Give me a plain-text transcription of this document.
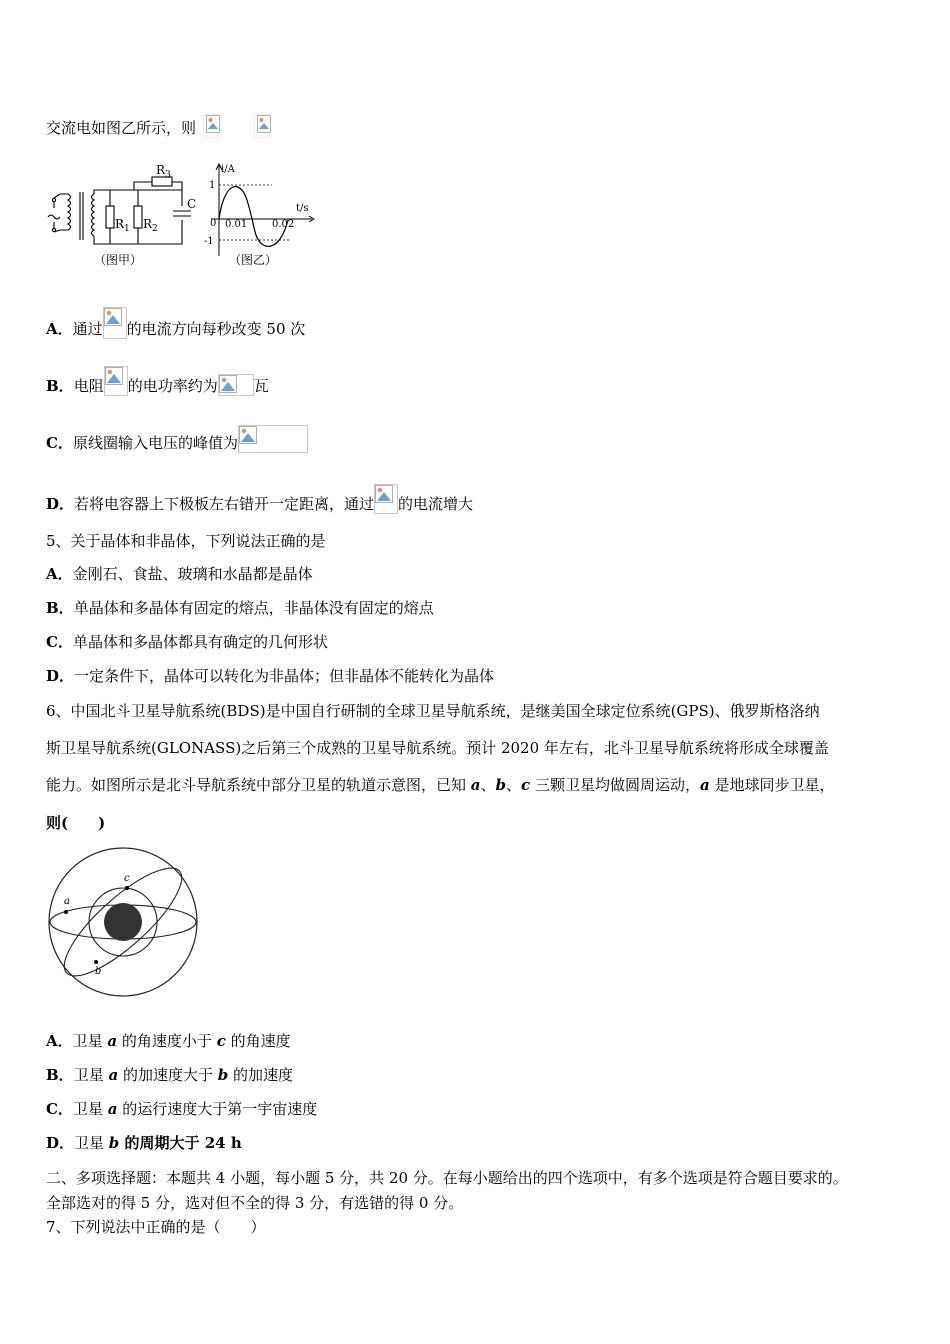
交流电如图乙所示，则

$R_3$
$R_1$ $R_2$
C
（图甲）
i/A
t/s
1
-1
0 0.01 0.02
（图乙）
A．通过 的电流方向每秒改变 50 次
B．电阻 的电功率约为 瓦
C．原线圈输入电压的峰值为
D．若将电容器上下极板左右错开一定距离，通过 的电流增大
5、关于晶体和非晶体，下列说法正确的是
A．金刚石、食盐、玻璃和水晶都是晶体
B．单晶体和多晶体有固定的熔点，非晶体没有固定的熔点
C．单晶体和多晶体都具有确定的几何形状
D．一定条件下，晶体可以转化为非晶体；但非晶体不能转化为晶体
6、中国北斗卫星导航系统(BDS)是中国自行研制的全球卫星导航系统，是继美国全球定位系统(GPS)、俄罗斯格洛纳
斯卫星导航系统(GLONASS)之后第三个成熟的卫星导航系统。预计 2020 年左右，北斗卫星导航系统将形成全球覆盖
能力。如图所示是北斗导航系统中部分卫星的轨道示意图，已知 a、b、c 三颗卫星均做圆周运动，a 是地球同步卫星，
则(　　)
a
c
b
A．卫星 a 的角速度小于 c 的角速度
B．卫星 a 的加速度大于 b 的加速度
C．卫星 a 的运行速度大于第一宇宙速度
D．卫星 b 的周期大于 24 h
二、多项选择题：本题共 4 小题，每小题 5 分，共 20 分。在每小题给出的四个选项中，有多个选项是符合题目要求的。
全部选对的得 5 分，选对但不全的得 3 分，有选错的得 0 分。
7、下列说法中正确的是（　　）
